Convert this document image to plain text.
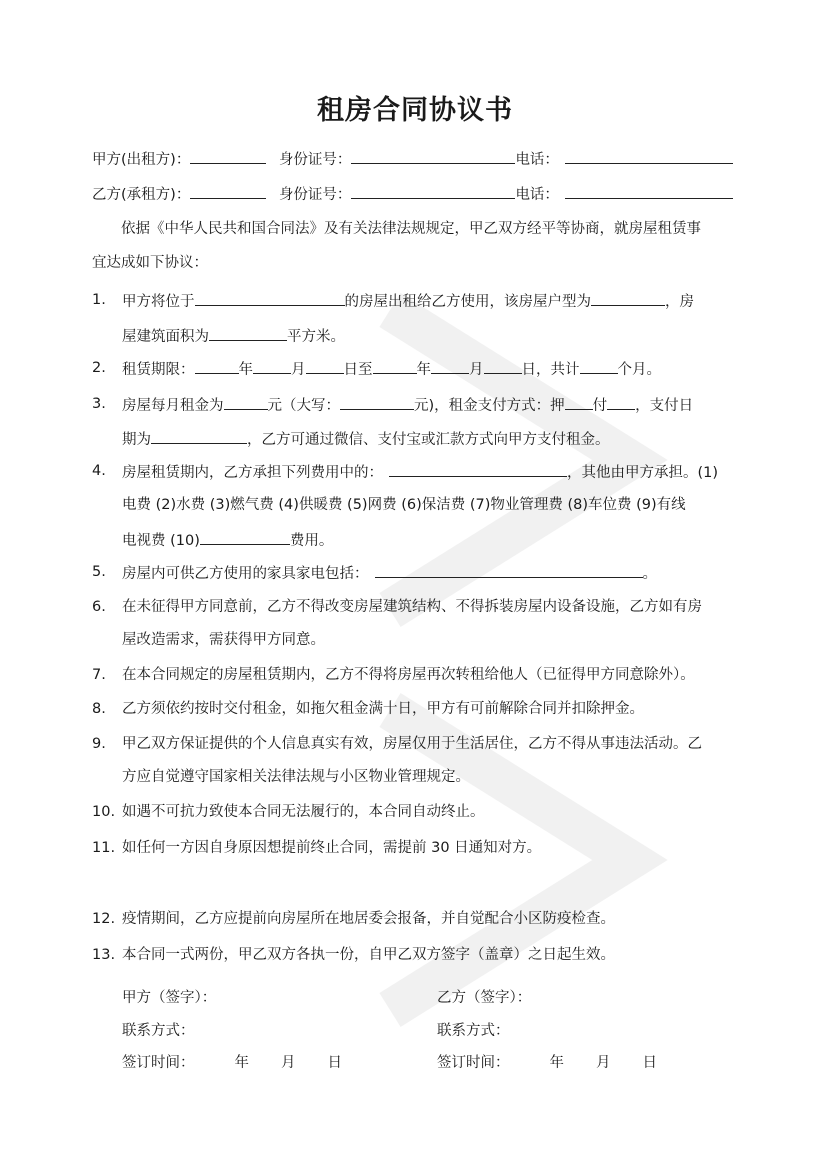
租房合同协议书
甲方(出租方)：	身份证号：	电话：
乙方(承租方)：	身份证号：	电话：
依据《中华人民共和国合同法》及有关法律法规规定，甲乙双方经平等协商，就房屋租赁事
宜达成如下协议：
1. 甲方将位于	的房屋出租给乙方使用，该房屋户型为	，房
屋建筑面积为	平方米。
2. 租赁期限：	年	月	日至	年	月	日，共计	个月。
3. 房屋每月租金为	元（大写：	元)，租金支付方式：押 付 ，支付日
期为	，乙方可通过微信、支付宝或汇款方式向甲方支付租金。
4. 房屋租赁期内，乙方承担下列费用中的：	，其他由甲方承担。(1)
电费 (2)水费 (3)燃气费 (4)供暖费 (5)网费 (6)保洁费 (7)物业管理费 (8)车位费 (9)有线
电视费 (10)	费用。
5. 房屋内可供乙方使用的家具家电包括：	。
6. 在未征得甲方同意前，乙方不得改变房屋建筑结构、不得拆装房屋内设备设施，乙方如有房
屋改造需求，需获得甲方同意。
7. 在本合同规定的房屋租赁期内，乙方不得将房屋再次转租给他人（已征得甲方同意除外）。
8. 乙方须依约按时交付租金，如拖欠租金满十日，甲方有可前解除合同并扣除押金。
9. 甲乙双方保证提供的个人信息真实有效，房屋仅用于生活居住，乙方不得从事违法活动。乙
方应自觉遵守国家相关法律法规与小区物业管理规定。
10. 如遇不可抗力致使本合同无法履行的，本合同自动终止。
11. 如任何一方因自身原因想提前终止合同，需提前 30 日通知对方。
12. 疫情期间，乙方应提前向房屋所在地居委会报备，并自觉配合小区防疫检查。
13. 本合同一式两份，甲乙双方各执一份，自甲乙双方签字（盖章）之日起生效。
甲方（签字）：
联系方式：
签订时间：	年 月 日
乙方（签字）：
联系方式：
签订时间：	年 月 日
